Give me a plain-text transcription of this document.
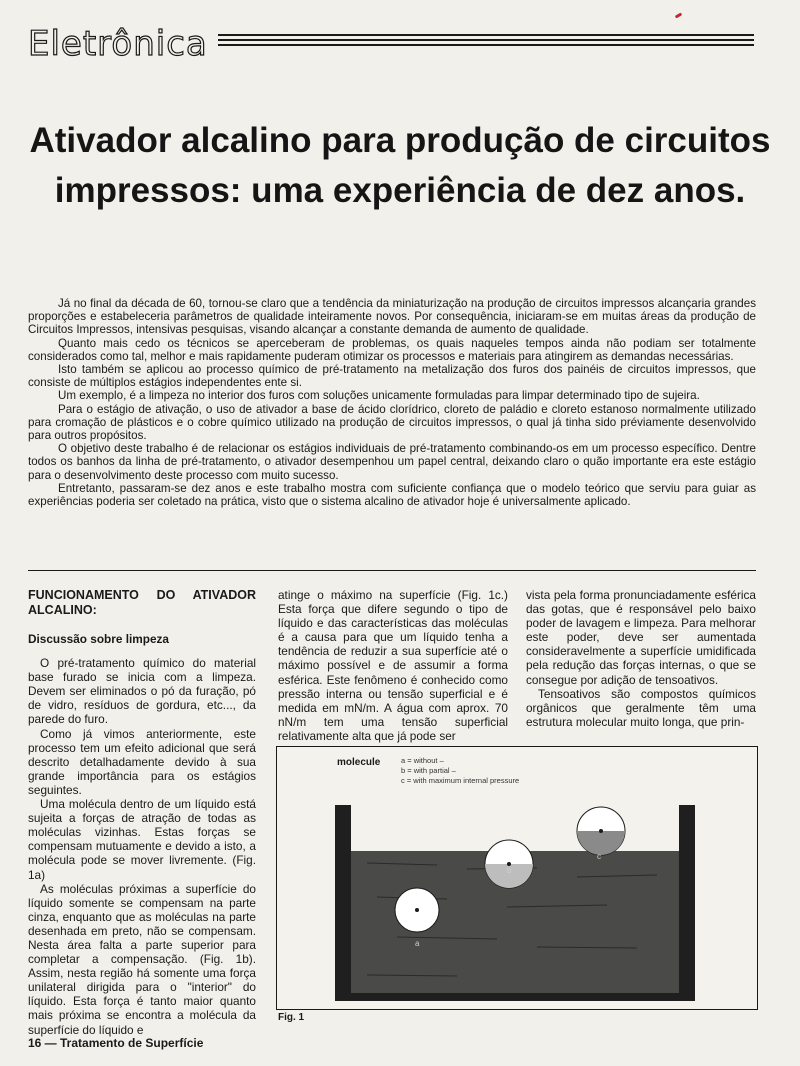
Eletrônica
Ativador alcalino para produção de circuitos
impressos: uma experiência de dez anos.

Já no final da década de 60, tornou-se claro que a tendência da miniaturização na produção de circuitos impressos alcançaria grandes proporções e estabeleceria parâmetros de qualidade inteiramente novos. Por consequência, iniciaram-se em muitas áreas da produção de Circuitos Impressos, intensivas pesquisas, visando alcançar a constante demanda de aumento de qualidade.

Quanto mais cedo os técnicos se aperceberam de problemas, os quais naqueles tempos ainda não podiam ser totalmente considerados como tal, melhor e mais rapidamente puderam otimizar os processos e materiais para atingirem as demandas necessárias.

Isto também se aplicou ao processo químico de pré-tratamento na metalização dos furos dos painéis de circuitos impressos, que consiste de múltiplos estágios independentes ente si.

Um exemplo, é a limpeza no interior dos furos com soluções unicamente formuladas para limpar determinado tipo de sujeira.

Para o estágio de ativação, o uso de ativador a base de ácido clorídrico, cloreto de paládio e cloreto estanoso normalmente utilizado para cromação de plásticos e o cobre químico utilizado na produção de circuitos impressos, o qual já tinha sido préviamente desenvolvido para outros propósitos.

O objetivo deste trabalho é de relacionar os estágios individuais de pré-tratamento combinando-os em um processo específico. Dentre todos os banhos da linha de pré-tratamento, o ativador desempenhou um papel central, deixando claro o quão importante era este estágio para o desenvolvimento deste processo com muito sucesso.

Entretanto, passaram-se dez anos e este trabalho mostra com suficiente confiança que o modelo teórico que serviu para guiar as experiências poderia ser coletado na prática, visto que o sistema alcalino de ativador hoje é universalmente aplicado.

FUNCIONAMENTO DO ATIVADOR ALCALINO:
Discussão sobre limpeza

O pré-tratamento químico do material base furado se inicia com a limpeza. Devem ser eliminados o pó da furação, pó de vidro, resíduos de gordura, etc..., da parede do furo.

Como já vimos anteriormente, este processo tem um efeito adicional que será descrito detalhadamente devido à sua grande importância para os estágios seguintes.

Uma molécula dentro de um líquido está sujeita a forças de atração de todas as moléculas vizinhas. Estas forças se compensam mutuamente e devido a isto, a molécula pode se mover livremente. (Fig. 1a)

As moléculas próximas a superfície do líquido somente se compensam na parte cinza, enquanto que as moléculas na parte desenhada em preto, não se compensam. Nesta área falta a parte superior para completar a compensação. (Fig. 1b). Assim, nesta região há somente uma força unilateral dirigida para o "interior" do líquido. Esta força é tanto maior quanto mais próxima se encontra a molécula da superfície do líquido e

atinge o máximo na superfície (Fig. 1c.) Esta força que difere segundo o tipo de líquido e das características das moléculas é a causa para que um líquido tenha a tendência de reduzir a sua superfície até o máximo possível e de assumir a forma esférica. Este fenômeno é conhecido como pressão interna ou tensão superficial e é medida em mN/m. A água com aprox. 70 nN/m tem uma tensão superficial relativamente alta que já pode ser

vista pela forma pronunciadamente esférica das gotas, que é responsável pelo baixo poder de lavagem e limpeza. Para melhorar este poder, deve ser aumentada consideravelmente a superfície umidificada pela redução das forças internas, o que se consegue por adição de tensoativos.

Tensoativos são compostos químicos orgânicos que geralmente têm uma estrutura molecular muito longa, que prin-

molecule	a = without –
b = with partial –
c = with maximum internal pressure
a
b
c
Fig. 1
16 — Tratamento de Superfície
